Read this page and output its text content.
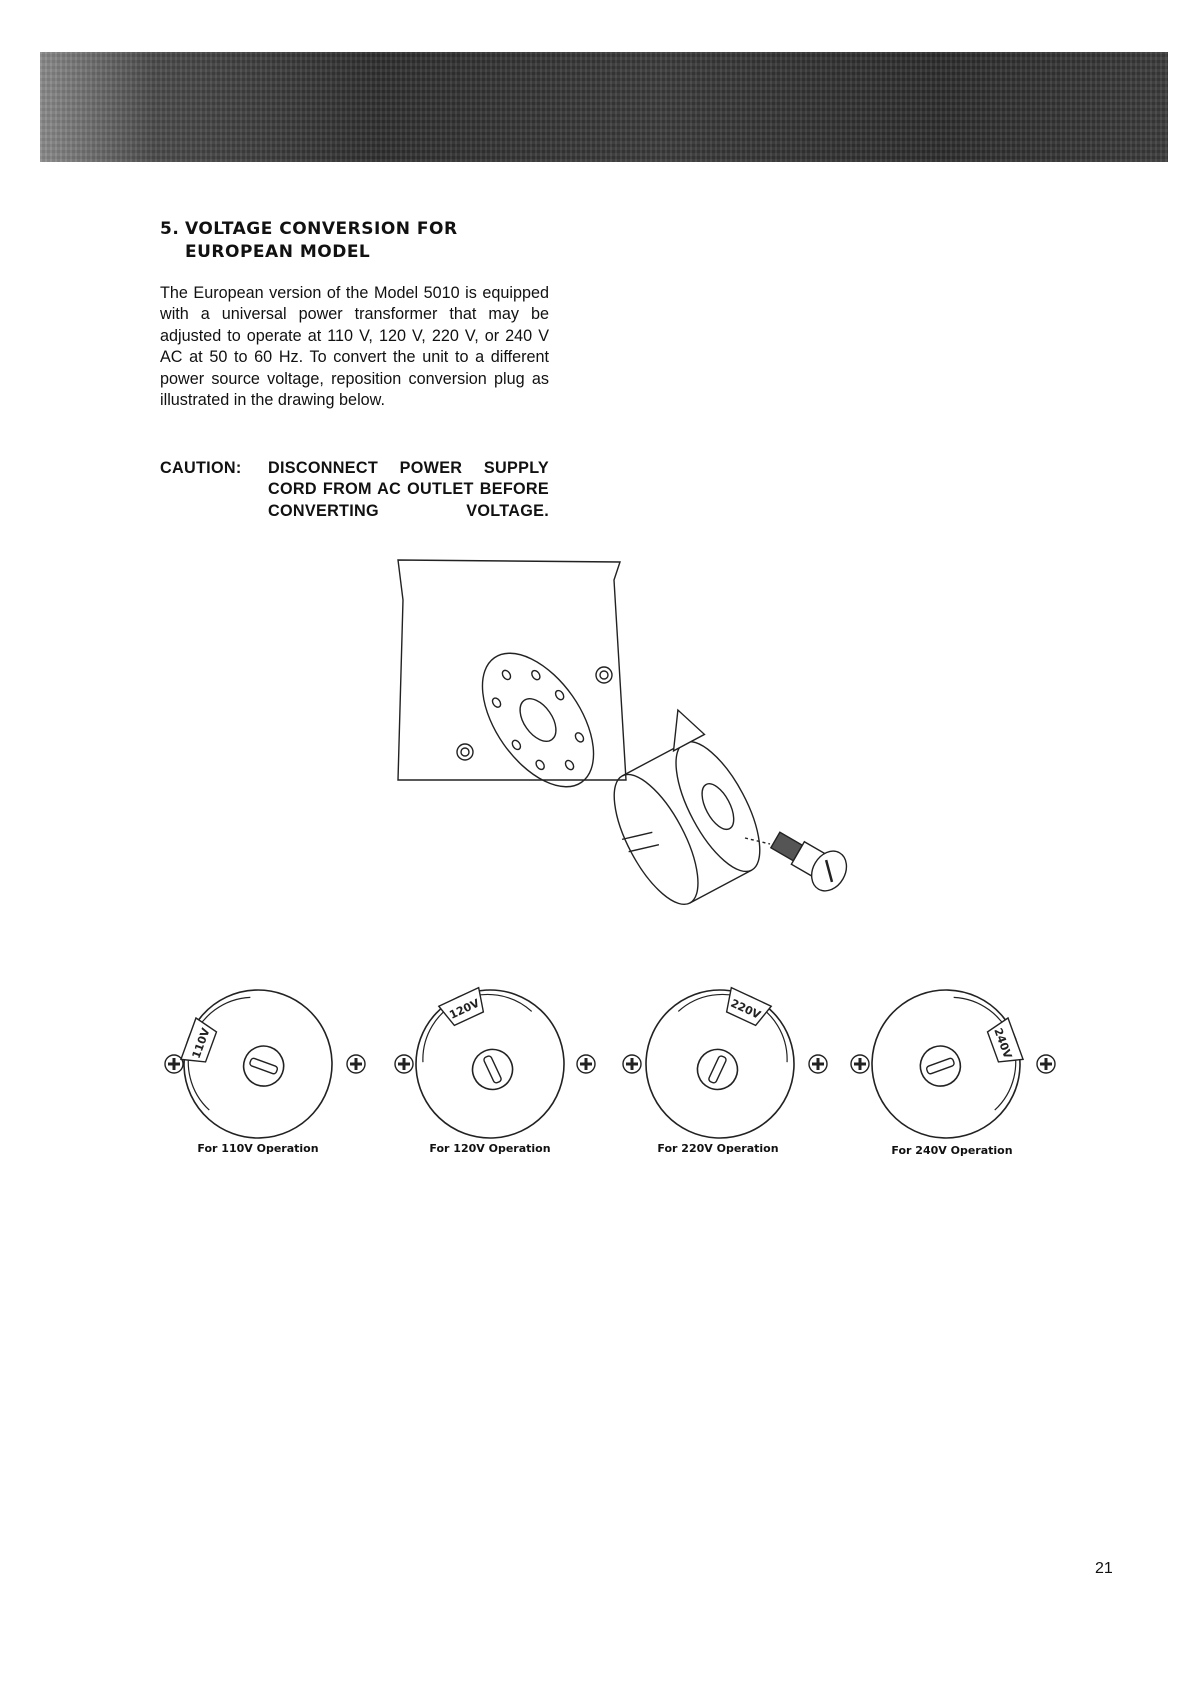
5. VOLTAGE CONVERSION FOR
EUROPEAN MODEL

The European version of the Model 5010 is equipped with a universal power transformer that may be adjusted to operate at 110 V, 120 V, 220 V, or 240 V AC at 50 to 60 Hz. To convert the unit to a different power source voltage, reposition conversion plug as illustrated in the drawing below.

CAUTION: DISCONNECT POWER SUPPLY CORD FROM AC OUTLET BEFORE CONVERTING VOLTAGE.
110V
120V	220V
240V
For 110V Operation	For 120V Operation	For 220V Operation	For 240V Operation
21
